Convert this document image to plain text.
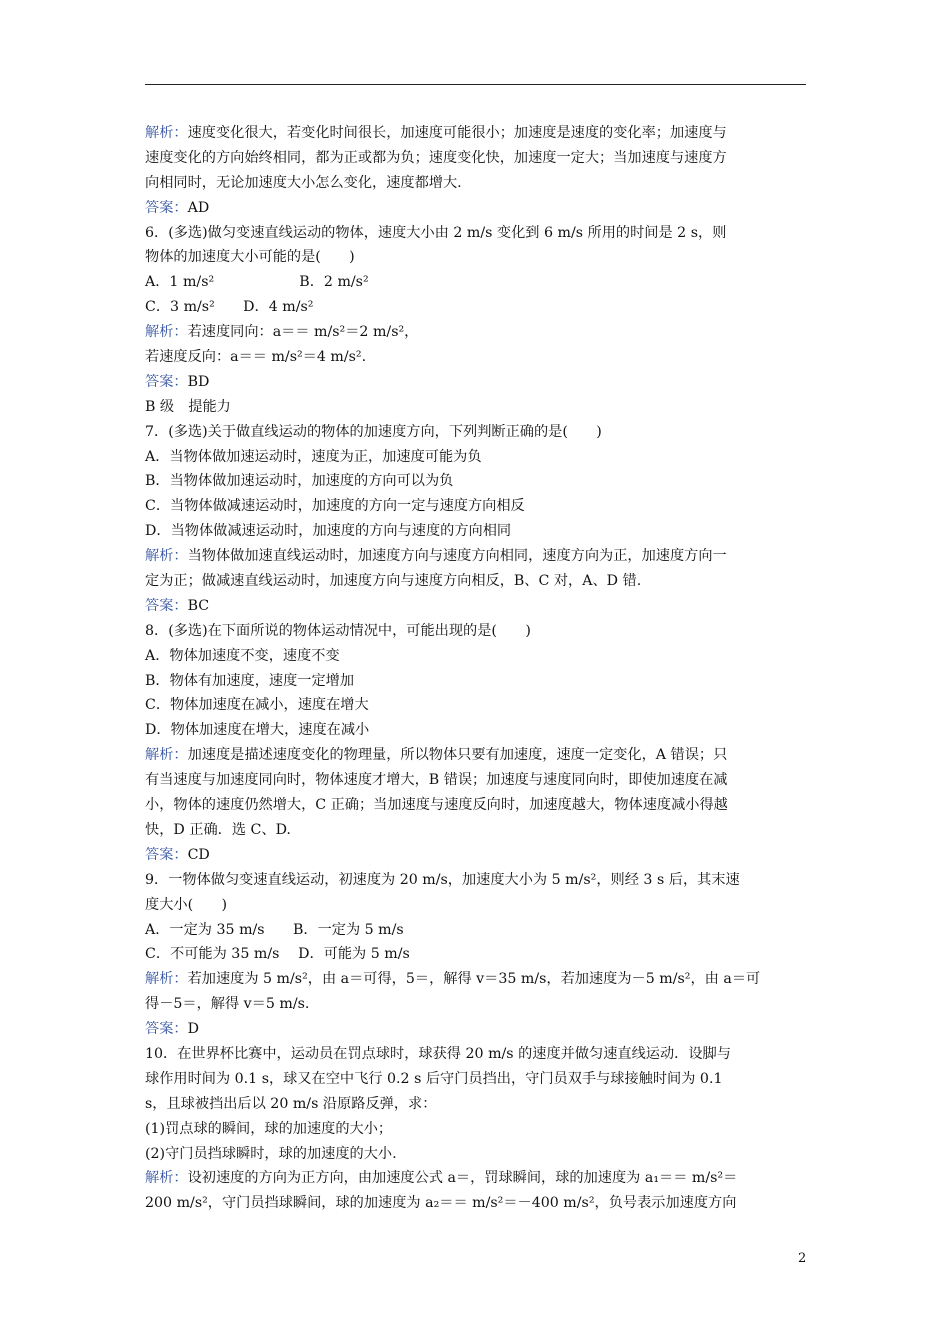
解析：速度变化很大，若变化时间很长，加速度可能很小；加速度是速度的变化率；加速度与
速度变化的方向始终相同，都为正或都为负；速度变化快，加速度一定大；当加速度与速度方
向相同时，无论加速度大小怎么变化，速度都增大.
答案：AD
6．(多选)做匀变速直线运动的物体，速度大小由 2 m/s 变化到 6 m/s 所用的时间是 2 s，则
物体的加速度大小可能的是(　　)
A．1 m/s²　　　　　　B．2 m/s²
C．3 m/s²　　D．4 m/s²
解析：若速度同向：a＝＝ m/s²＝2 m/s²，
若速度反向：a＝＝ m/s²＝4 m/s².
答案：BD
B 级　提能力
7．(多选)关于做直线运动的物体的加速度方向，下列判断正确的是(　　)
A．当物体做加速运动时，速度为正，加速度可能为负
B．当物体做加速运动时，加速度的方向可以为负
C．当物体做减速运动时，加速度的方向一定与速度方向相反
D．当物体做减速运动时，加速度的方向与速度的方向相同
解析：当物体做加速直线运动时，加速度方向与速度方向相同，速度方向为正，加速度方向一
定为正；做减速直线运动时，加速度方向与速度方向相反，B、C 对，A、D 错.
答案：BC
8．(多选)在下面所说的物体运动情况中，可能出现的是(　　)
A．物体加速度不变，速度不变
B．物体有加速度，速度一定增加
C．物体加速度在减小，速度在增大
D．物体加速度在增大，速度在减小
解析：加速度是描述速度变化的物理量，所以物体只要有加速度，速度一定变化，A 错误；只
有当速度与加速度同向时，物体速度才增大，B 错误；加速度与速度同向时，即使加速度在减
小，物体的速度仍然增大，C 正确；当加速度与速度反向时，加速度越大，物体速度减小得越
快，D 正确．选 C、D.
答案：CD
9．一物体做匀变速直线运动，初速度为 20 m/s，加速度大小为 5 m/s²，则经 3 s 后，其末速
度大小(　　)
A．一定为 35 m/s　　B．一定为 5 m/s
C．不可能为 35 m/s　 D．可能为 5 m/s
解析：若加速度为 5 m/s²，由 a＝可得，5＝，解得 v＝35 m/s，若加速度为－5 m/s²，由 a＝可
得－5＝，解得 v＝5 m/s.
答案：D
10．在世界杯比赛中，运动员在罚点球时，球获得 20 m/s 的速度并做匀速直线运动．设脚与
球作用时间为 0.1 s，球又在空中飞行 0.2 s 后守门员挡出，守门员双手与球接触时间为 0.1
s，且球被挡出后以 20 m/s 沿原路反弹，求：
(1)罚点球的瞬间，球的加速度的大小；
(2)守门员挡球瞬时，球的加速度的大小.
解析：设初速度的方向为正方向，由加速度公式 a＝，罚球瞬间，球的加速度为 a₁＝＝ m/s²＝
200 m/s²，守门员挡球瞬间，球的加速度为 a₂＝＝ m/s²＝－400 m/s²，负号表示加速度方向
2
